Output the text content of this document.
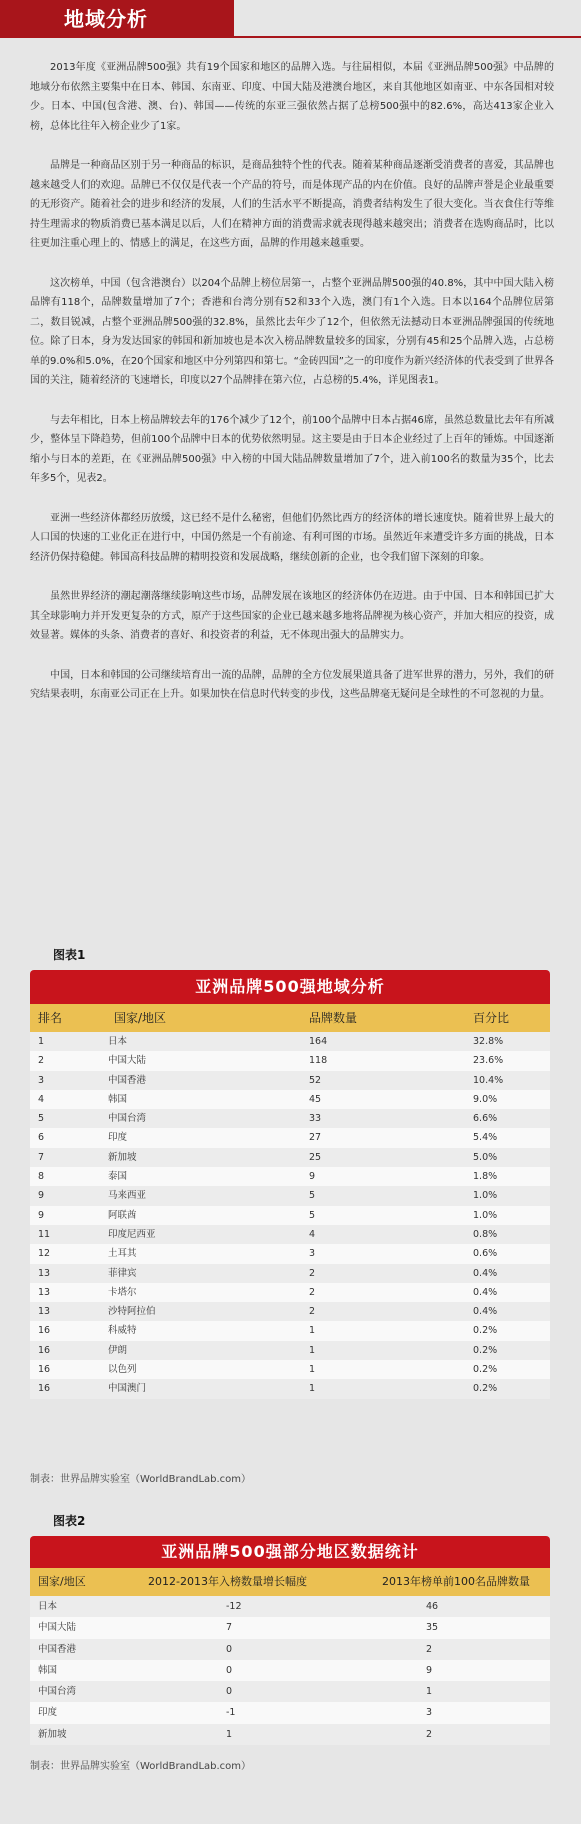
地域分析

2013年度《亚洲品牌500强》共有19个国家和地区的品牌入选。与往届相似，本届《亚洲品牌500强》中品牌的地域分布依然主要集中在日本、韩国、东南亚、印度、中国大陆及港澳台地区，来自其他地区如南亚、中东各国相对较少。日本、中国(包含港、澳、台)、韩国——传统的东亚三强依然占据了总榜500强中的82.6%，高达413家企业入榜，总体比往年入榜企业少了1家。

品牌是一种商品区别于另一种商品的标识，是商品独特个性的代表。随着某种商品逐渐受消费者的喜爱，其品牌也越来越受人们的欢迎。品牌已不仅仅是代表一个产品的符号，而是体现产品的内在价值。良好的品牌声誉是企业最重要的无形资产。随着社会的进步和经济的发展，人们的生活水平不断提高，消费者结构发生了很大变化。当衣食住行等维持生理需求的物质消费已基本满足以后，人们在精神方面的消费需求就表现得越来越突出；消费者在选购商品时，比以往更加注重心理上的、情感上的满足，在这些方面，品牌的作用越来越重要。

这次榜单，中国（包含港澳台）以204个品牌上榜位居第一，占整个亚洲品牌500强的40.8%，其中中国大陆入榜品牌有118个，品牌数量增加了7个；香港和台湾分别有52和33个入选，澳门有1个入选。日本以164个品牌位居第二，数目锐减，占整个亚洲品牌500强的32.8%，虽然比去年少了12个，但依然无法撼动日本亚洲品牌强国的传统地位。除了日本，身为发达国家的韩国和新加坡也是本次入榜品牌数量较多的国家，分别有45和25个品牌入选，占总榜单的9.0%和5.0%，在20个国家和地区中分列第四和第七。“金砖四国”之一的印度作为新兴经济体的代表受到了世界各国的关注，随着经济的飞速增长，印度以27个品牌排在第六位，占总榜的5.4%，详见图表1。

与去年相比，日本上榜品牌较去年的176个减少了12个，前100个品牌中日本占据46席，虽然总数量比去年有所减少，整体呈下降趋势，但前100个品牌中日本的优势依然明显。这主要是由于日本企业经过了上百年的锤炼。中国逐渐缩小与日本的差距，在《亚洲品牌500强》中入榜的中国大陆品牌数量增加了7个，进入前100名的数量为35个，比去年多5个，见表2。

亚洲一些经济体都经历放缓，这已经不是什么秘密，但他们仍然比西方的经济体的增长速度快。随着世界上最大的人口国的快速的工业化正在进行中，中国仍然是一个有前途、有利可图的市场。虽然近年来遭受许多方面的挑战，日本经济仍保持稳健。韩国高科技品牌的精明投资和发展战略，继续创新的企业，也令我们留下深刻的印象。

虽然世界经济的潮起潮落继续影响这些市场，品牌发展在该地区的经济体仍在迈进。由于中国、日本和韩国已扩大其全球影响力并开发更复杂的方式，原产于这些国家的企业已越来越多地将品牌视为核心资产，并加大相应的投资，成效显著。媒体的头条、消费者的喜好、和投资者的利益，无不体现出强大的品牌实力。

中国，日本和韩国的公司继续培育出一流的品牌，品牌的全方位发展果道具备了进军世界的潜力，另外，我们的研究结果表明，东南亚公司正在上升。如果加快在信息时代转变的步伐，这些品牌毫无疑问是全球性的不可忽视的力量。

图表1
亚洲品牌500强地域分析
排名	国家/地区	品牌数量	百分比
1	日本	164	32.8%
2	中国大陆	118	23.6%
3	中国香港	52	10.4%
4	韩国	45	9.0%
5	中国台湾	33	6.6%
6	印度	27	5.4%
7	新加坡	25	5.0%
8	泰国	9	1.8%
9	马来西亚	5	1.0%
9	阿联酋	5	1.0%
11	印度尼西亚	4	0.8%
12	土耳其	3	0.6%
13	菲律宾	2	0.4%
13	卡塔尔	2	0.4%
13	沙特阿拉伯	2	0.4%
16	科威特	1	0.2%
16	伊朗	1	0.2%
16	以色列	1	0.2%
16	中国澳门	1	0.2%
制表：世界品牌实验室（WorldBrandLab.com）
图表2
亚洲品牌500强部分地区数据统计
国家/地区	2012-2013年入榜数量增长幅度	2013年榜单前100名品牌数量
日本	-12	46
中国大陆	7	35
中国香港	0	2
韩国	0	9
中国台湾	0	1
印度	-1	3
新加坡	1	2
制表：世界品牌实验室（WorldBrandLab.com）
